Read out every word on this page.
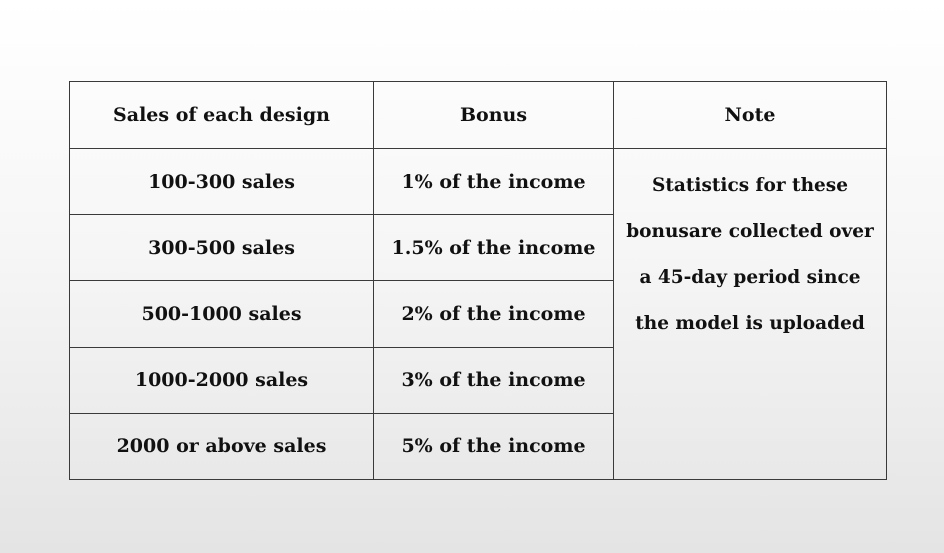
Sales of each design	Bonus	Note
100-300 sales	1% of the income	Statistics for these bonusare collected over a 45-day period since the model is uploaded
300-500 sales	1.5% of the income	
500-1000 sales	2% of the income	
1000-2000 sales	3% of the income	
2000 or above sales	5% of the income	
